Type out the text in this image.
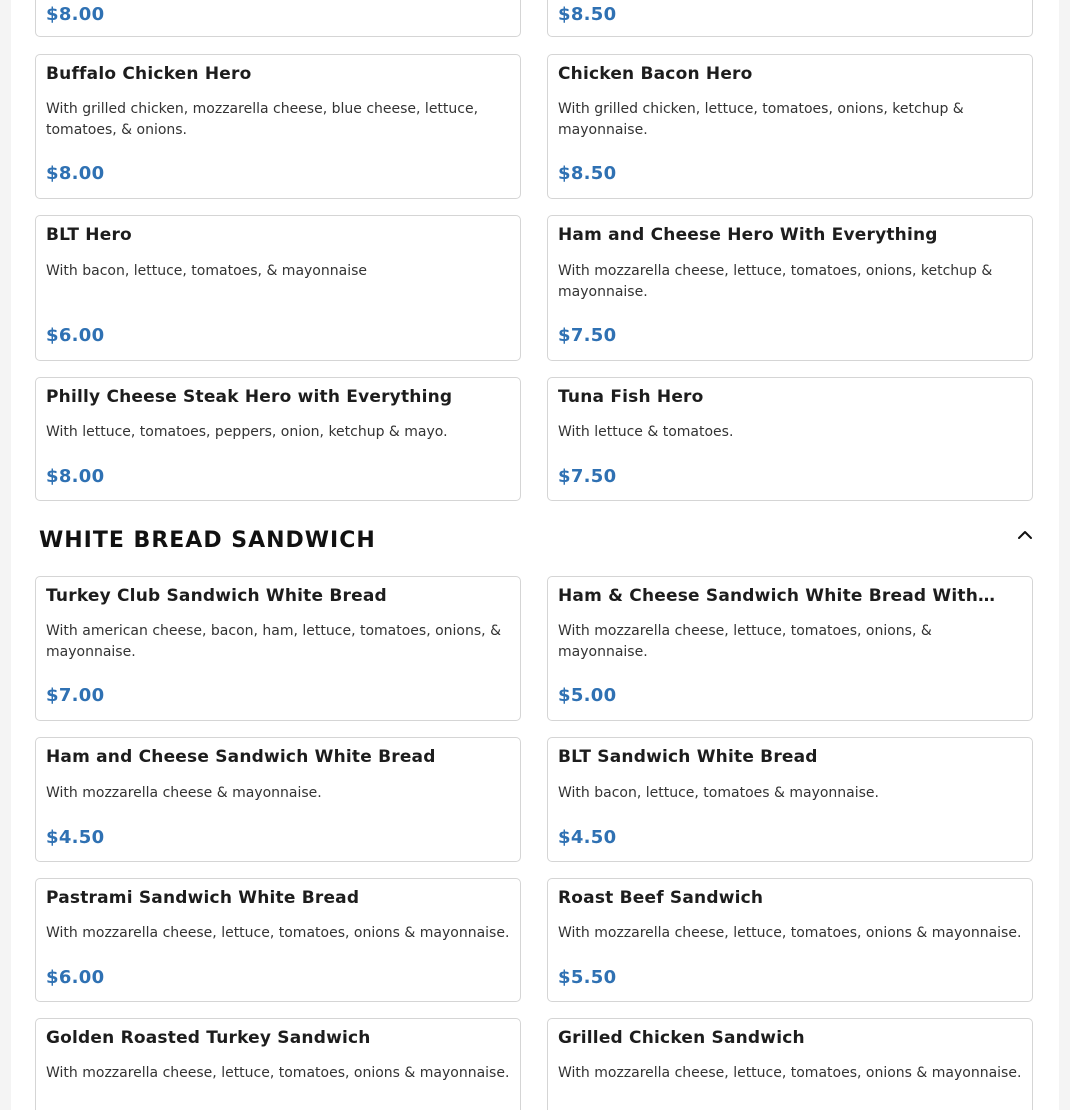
$8.00	$8.50
Buffalo Chicken Hero
With grilled chicken, mozzarella cheese, blue cheese, lettuce, tomatoes, & onions.
$8.00
Chicken Bacon Hero
With grilled chicken, lettuce, tomatoes, onions, ketchup & mayonnaise.
$8.50
BLT Hero
With bacon, lettuce, tomatoes, & mayonnaise
$6.00
Ham and Cheese Hero With Everything
With mozzarella cheese, lettuce, tomatoes, onions, ketchup & mayonnaise.
$7.50
Philly Cheese Steak Hero with Everything
With lettuce, tomatoes, peppers, onion, ketchup & mayo.
$8.00
Tuna Fish Hero
With lettuce & tomatoes.
$7.50
WHITE BREAD SANDWICH
Turkey Club Sandwich White Bread
With american cheese, bacon, ham, lettuce, tomatoes, onions, & mayonnaise.
$7.00
Ham & Cheese Sandwich White Bread With…
With mozzarella cheese, lettuce, tomatoes, onions, & mayonnaise.
$5.00
Ham and Cheese Sandwich White Bread
With mozzarella cheese & mayonnaise.
$4.50
BLT Sandwich White Bread
With bacon, lettuce, tomatoes & mayonnaise.
$4.50
Pastrami Sandwich White Bread
With mozzarella cheese, lettuce, tomatoes, onions & mayonnaise.
$6.00
Roast Beef Sandwich
With mozzarella cheese, lettuce, tomatoes, onions & mayonnaise.
$5.50
Golden Roasted Turkey Sandwich
With mozzarella cheese, lettuce, tomatoes, onions & mayonnaise.
Grilled Chicken Sandwich
With mozzarella cheese, lettuce, tomatoes, onions & mayonnaise.
